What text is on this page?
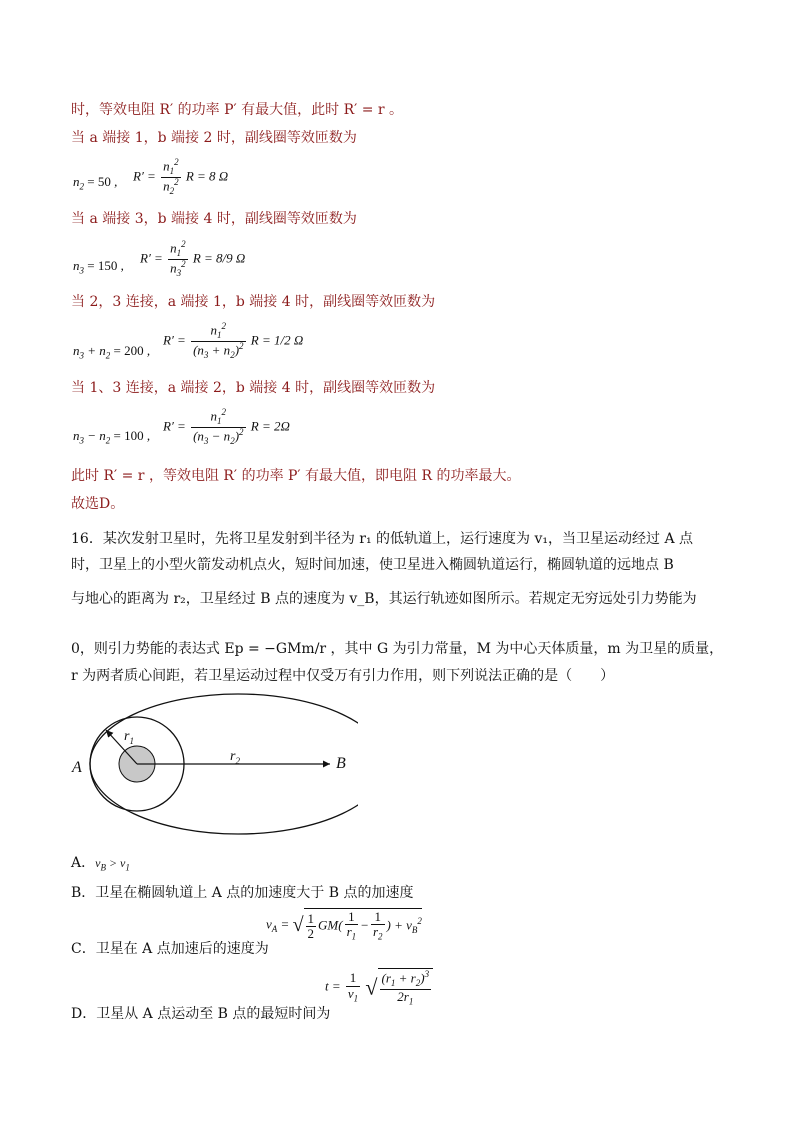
时，等效电阻 R′ 的功率 P′ 有最大值，此时 R′ = r 。
当 a 端接 1，b 端接 2 时，副线圈等效匝数为
$n_2 = 50$ , $R' = \frac{n_1^2}{n_2^2}$ R = 8 Ω
当 a 端接 3，b 端接 4 时，副线圈等效匝数为
$n_3 = 150$ ,
$R' = \frac{n_1^2}{n_3^2}$ R = 8/9 Ω
当 2，3 连接，a 端接 1，b 端接 4 时，副线圈等效匝数为
$n_3 + n_2 = 200$ ,
$R' = \frac{n_1^2}{(n_3 + n_2)^2}$ R = 1/2 Ω
当 1、3 连接，a 端接 2，b 端接 4 时，副线圈等效匝数为
$n_3 - n_2 = 100$ ,
$R' = \frac{n_1^2}{(n_3 - n_2)^2}$ R = 2Ω
此时 R′ = r ，等效电阻 R′ 的功率 P′ 有最大值，即电阻 R 的功率最大。
故选D。
16．某次发射卫星时，先将卫星发射到半径为 r₁ 的低轨道上，运行速度为 v₁，当卫星运动经过 A 点
时，卫星上的小型火箭发动机点火，短时间加速，使卫星进入椭圆轨道运行，椭圆轨道的远地点 B
与地心的距离为 r₂，卫星经过 B 点的速度为 v_B，其运行轨迹如图所示。若规定无穷远处引力势能为
0，则引力势能的表达式 Ep = −GMm/r ，其中 G 为引力常量，M 为中心天体质量，m 为卫星的质量，
r 为两者质心间距，若卫星运动过程中仅受万有引力作用，则下列说法正确的是（　　）
A	B
$r_1$
$r_2$
A．$v_B > v_1$
B．卫星在椭圆轨道上 A 点的加速度大于 B 点的加速度
C．卫星在 A 点加速后的速度为
$v_A$ = √ $\frac{1}{2} GM( \frac{1}{r_1} - \frac{1}{r_2}$ ) + $v_B^2$
D．卫星从 A 点运动至 B 点的最短时间为
$t = \frac{1}{v_1}$ √ $\frac{(r_1 + r_2)^3}{2r_1}$
